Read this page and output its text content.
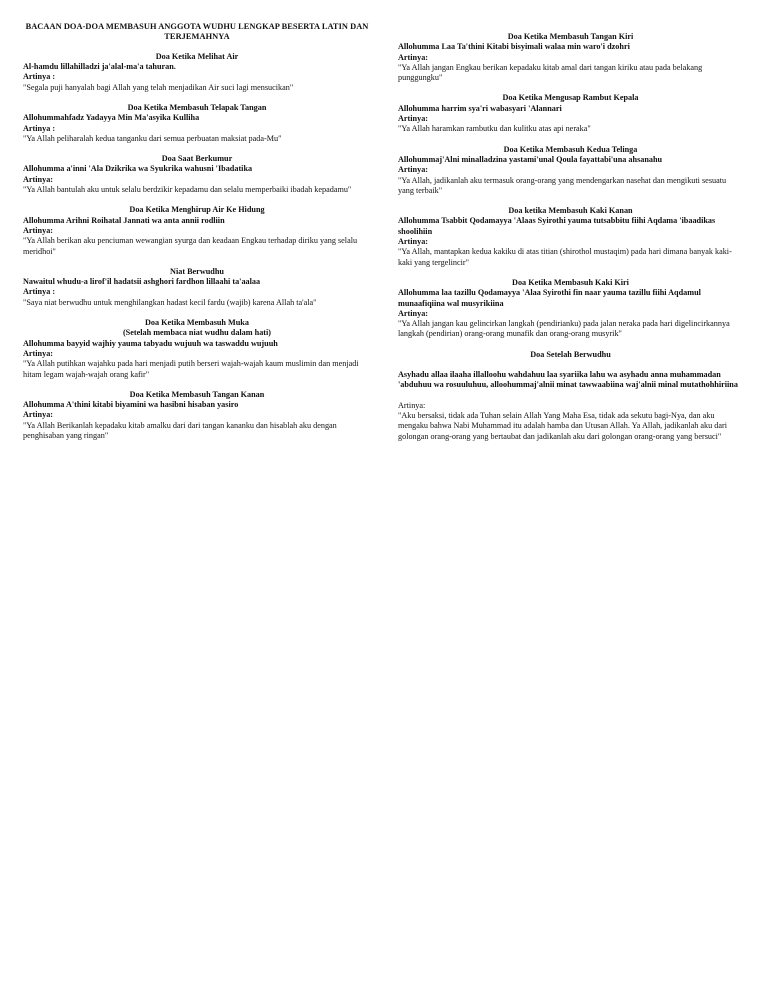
BACAAN DOA-DOA MEMBASUH ANGGOTA WUDHU LENGKAP BESERTA LATIN DAN TERJEMAHNYA
Doa Ketika Melihat Air
Al-hamdu lillahilladzi ja'alal-ma'a tahuran.
Artinya :
"Segala puji hanyalah bagi Allah yang telah menjadikan Air suci lagi mensucikan"
Doa Ketika Membasuh Telapak Tangan
Allohummahfadz Yadayya Min Ma'asyika Kulliha
Artinya :
"Ya Allah peliharalah kedua tanganku dari semua perbuatan maksiat pada-Mu"
Doa Saat Berkumur
Allohumma a'inni 'Ala Dzikrika wa Syukrika wahusni 'Ibadatika
Artinya:
"Ya Allah bantulah aku untuk selalu berdzikir kepadamu dan selalu memperbaiki ibadah kepadamu"
Doa Ketika Menghirup Air Ke Hidung
Allohumma Arihni Roihatal Jannati wa anta annii rodliin
Artinya:
"Ya Allah berikan aku penciuman wewangian syurga dan keadaan Engkau terhadap diriku yang selalu meridhoi"
Niat Berwudhu
Nawaitul whudu-a lirof'il hadatsii ashghori fardhon lillaahi ta'aalaa
Artinya :
"Saya niat berwudhu untuk menghilangkan hadast kecil fardu (wajib) karena Allah ta'ala"
Doa Ketika Membasuh Muka
(Setelah membaca niat wudhu dalam hati)
Allohumma bayyid wajhiy yauma tabyadu wujuuh wa taswaddu wujuuh
Artinya:
"Ya Allah putihkan wajahku pada hari menjadi putih berseri wajah-wajah kaum muslimin dan menjadi hitam legam wajah-wajah orang kafir"
Doa Ketika Membasuh Tangan Kanan
Allohumma A'thini kitabi biyamini wa hasibni hisaban yasiro
Artinya:
"Ya Allah Berikanlah kepadaku kitab amalku dari dari tangan kananku dan hisablah aku dengan penghisaban yang ringan"
Doa Ketika Membasuh Tangan Kiri
Allohumma Laa Ta'thini Kitabi bisyimali walaa min waro'i dzohri
Artinya:
"Ya Allah jangan Engkau berikan kepadaku kitab amal dari tangan kiriku atau pada belakang punggungku"
Doa Ketika Mengusap Rambut Kepala
Allohumma harrim sya'ri wabasyari 'Alannari
Artinya:
"Ya Allah haramkan rambutku dan kulitku atas api neraka"
Doa Ketika Membasuh Kedua Telinga
Allohummaj'Alni minalladzina yastami'unal Qoula fayattabi'una ahsanahu
Artinya:
"Ya Allah, jadikanlah aku termasuk orang-orang yang mendengarkan nasehat dan mengikuti sesuatu yang terbaik"
Doa ketika Membasuh Kaki Kanan
Allohumma Tsabbit Qodamayya 'Alaas Syirothi yauma tutsabbitu fiihi Aqdama 'ibaadikas shoolihiin
Artinya:
"Ya Allah, mantapkan kedua kakiku di atas titian (shirothol mustaqim) pada hari dimana banyak kaki-kaki yang tergelincir"
Doa Ketika Membasuh Kaki Kiri
Allohumma laa tazillu Qodamayya 'Alaa Syirothi fin naar yauma tazillu fiihi Aqdamul munaafiqiina wal musyrikiina
Artinya:
"Ya Allah jangan kau gelincirkan langkah (pendirianku) pada jalan neraka pada hari digelincirkannya langkah (pendirian) orang-orang munafik dan orang-orang musyrik"
Doa Setelah Berwudhu
Asyhadu allaa ilaaha illalloohu wahdahuu laa syariika lahu wa asyhadu anna muhammadan 'abduhuu wa rosuuluhuu, alloohummaj'alnii minat tawwaabiina waj'alnii minal mutathohhiriina
Artinya:
"Aku bersaksi, tidak ada Tuhan selain Allah Yang Maha Esa, tidak ada sekutu bagi-Nya, dan aku mengaku bahwa Nabi Muhammad itu adalah hamba dan Utusan Allah. Ya Allah, jadikanlah aku dari golongan orang-orang yang bertaubat dan jadikanlah aku dari golongan orang-orang yang bersuci"
